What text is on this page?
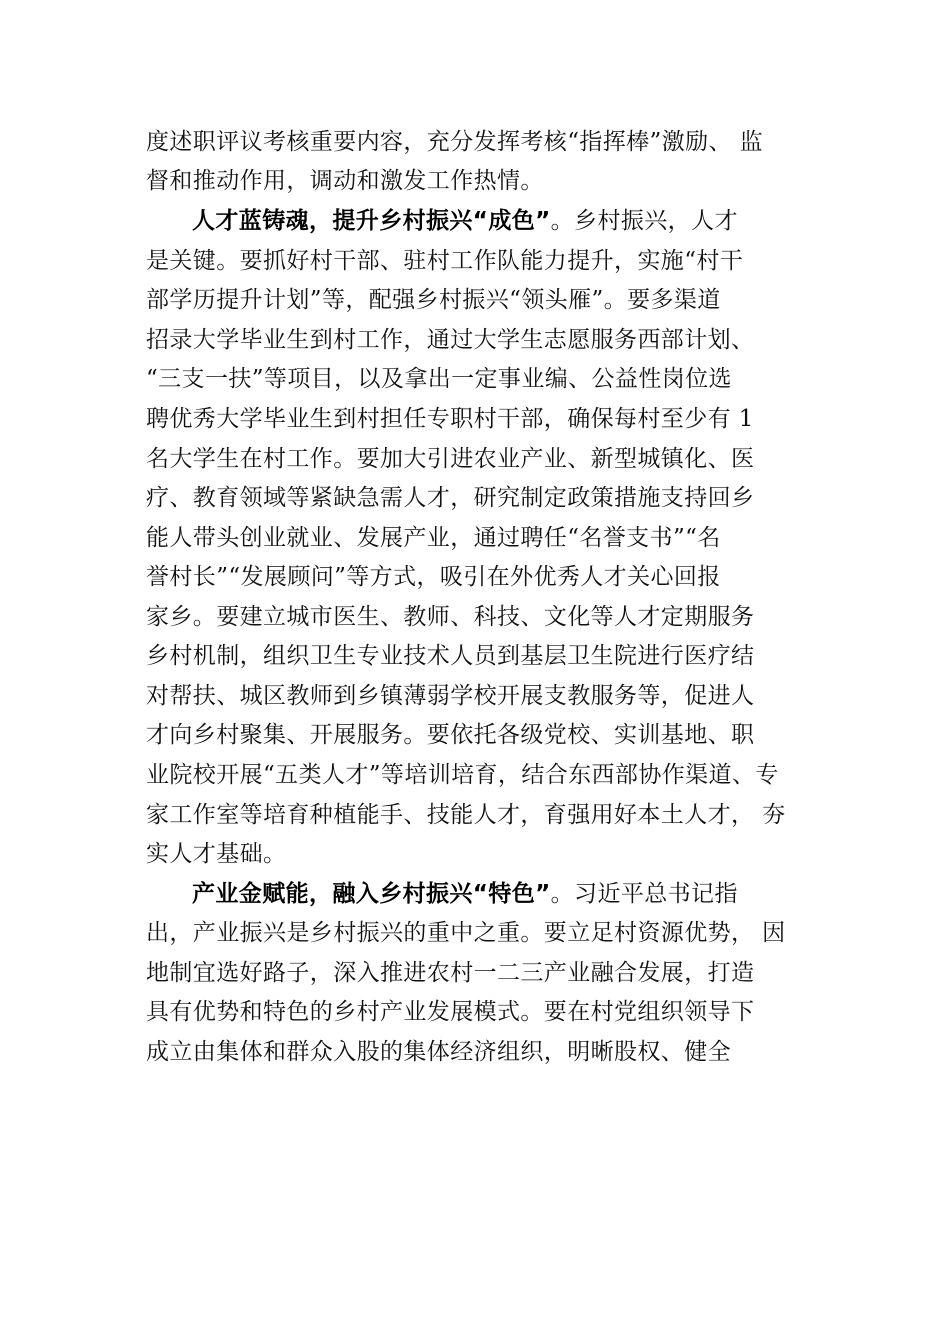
度述职评议考核重要内容，充分发挥考核“指挥棒”激励、 监
督和推动作用，调动和激发工作热情。
人才蓝铸魂，提升乡村振兴“成色”。乡村振兴，人才
是关键。要抓好村干部、驻村工作队能力提升，实施“村干
部学历提升计划”等，配强乡村振兴“领头雁”。要多渠道
招录大学毕业生到村工作，通过大学生志愿服务西部计划、
“三支一扶”等项目，以及拿出一定事业编、公益性岗位选
聘优秀大学毕业生到村担任专职村干部，确保每村至少有 1
名大学生在村工作。要加大引进农业产业、新型城镇化、医
疗、教育领域等紧缺急需人才，研究制定政策措施支持回乡
能人带头创业就业、发展产业，通过聘任“名誉支书”“名
誉村长”“发展顾问”等方式，吸引在外优秀人才关心回报
家乡。要建立城市医生、教师、科技、文化等人才定期服务
乡村机制，组织卫生专业技术人员到基层卫生院进行医疗结
对帮扶、城区教师到乡镇薄弱学校开展支教服务等，促进人
才向乡村聚集、开展服务。要依托各级党校、实训基地、职
业院校开展“五类人才”等培训培育，结合东西部协作渠道、专
家工作室等培育种植能手、技能人才，育强用好本土人才， 夯
实人才基础。
产业金赋能，融入乡村振兴“特色”。习近平总书记指
出，产业振兴是乡村振兴的重中之重。要立足村资源优势， 因
地制宜选好路子，深入推进农村一二三产业融合发展，打造
具有优势和特色的乡村产业发展模式。要在村党组织领导下
成立由集体和群众入股的集体经济组织，明晰股权、健全
